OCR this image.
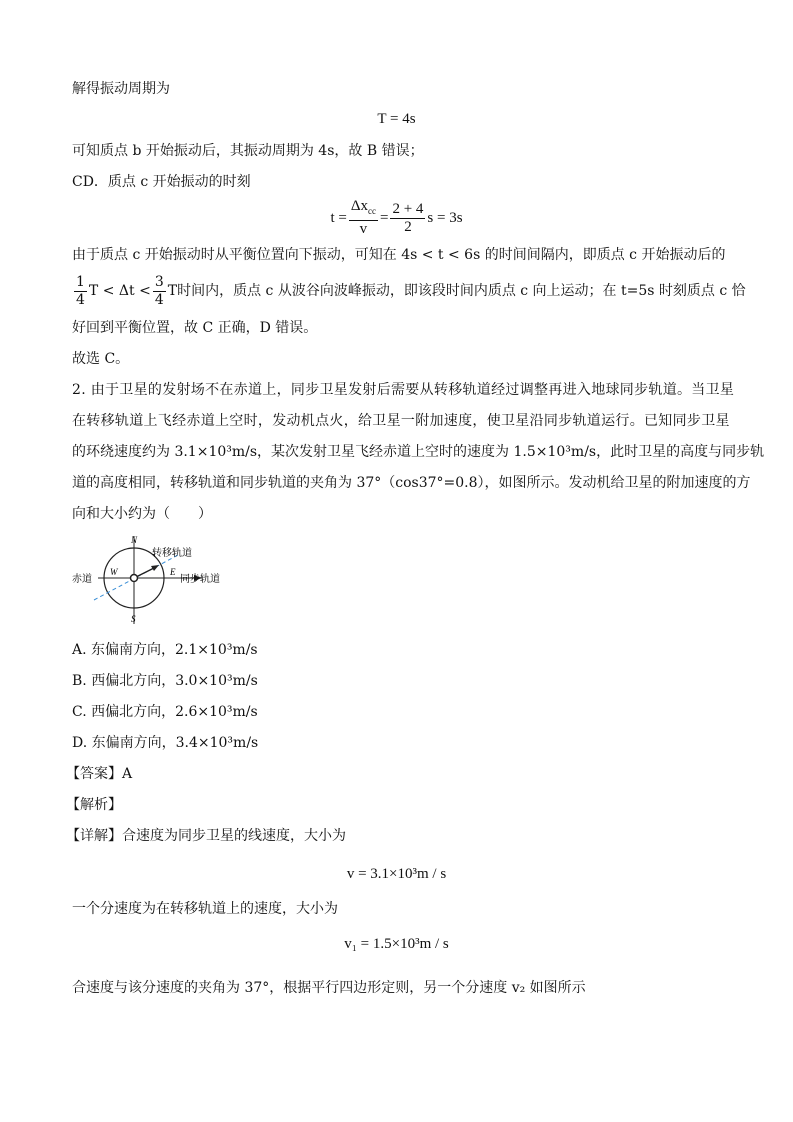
解得振动周期为
T = 4s
可知质点 b 开始振动后，其振动周期为 4s，故 B 错误；
CD．质点 c 开始振动的时刻
$t = \frac{\Delta x_{cc}}{v} = \frac{2 + 4}{2}$ s = 3s
由于质点 c 开始振动时从平衡位置向下振动，可知在 4s < t < 6s 的时间间隔内，即质点 c 开始振动后的
$\frac{1}{4}$ $T < \Delta t < \frac{3}{4}$ T 时间内，质点 c 从波谷向波峰振动，即该段时间内质点 c 向上运动；在 t=5s 时刻质点 c 恰
好回到平衡位置，故 C 正确，D 错误。
故选 C。
2. 由于卫星的发射场不在赤道上，同步卫星发射后需要从转移轨道经过调整再进入地球同步轨道。当卫星
在转移轨道上飞经赤道上空时，发动机点火，给卫星一附加速度，使卫星沿同步轨道运行。已知同步卫星
的环绕速度约为 3.1×10³m/s，某次发射卫星飞经赤道上空时的速度为 1.5×10³m/s，此时卫星的高度与同步轨
道的高度相同，转移轨道和同步轨道的夹角为 37°（cos37°=0.8），如图所示。发动机给卫星的附加速度的方
向和大小约为（　　）
N
S
W	E
赤道
转移轨道
同步轨道
A. 东偏南方向，2.1×10³m/s
B. 西偏北方向，3.0×10³m/s
C. 西偏北方向，2.6×10³m/s
D. 东偏南方向，3.4×10³m/s
【答案】A
【解析】
【详解】合速度为同步卫星的线速度，大小为
v = 3.1×10³m / s
一个分速度为在转移轨道上的速度，大小为
v₁ = 1.5×10³m / s
合速度与该分速度的夹角为 37°，根据平行四边形定则，另一个分速度 v₂ 如图所示
